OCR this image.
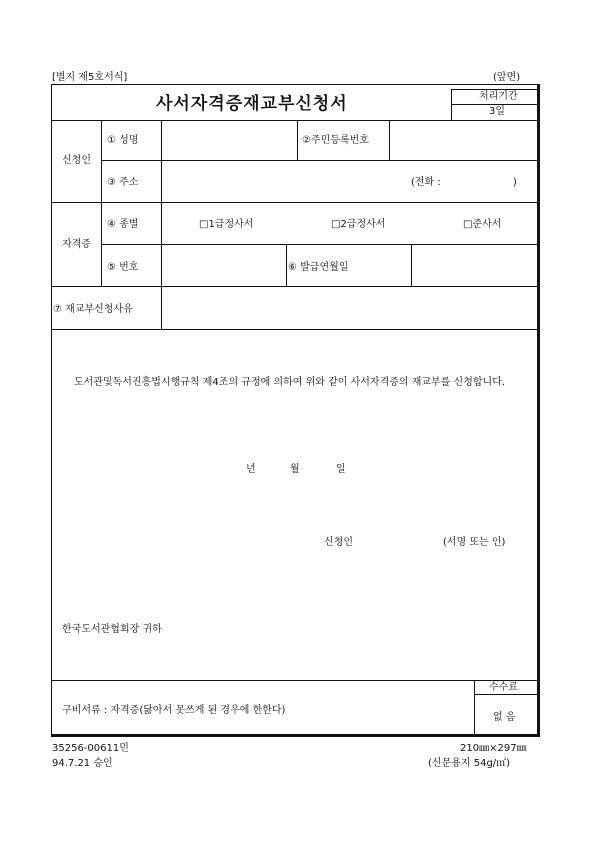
[별지 제5호서식]	(앞면)
사서자격증재교부신청서	처리기간
3일
신청인
① 성명	②주민등록번호
③ 주소	(전화 :	)
자격증
④ 종별	□1급정사서	□2급정사서	□준사서
⑤ 번호	⑥ 발급연월일
⑦ 재교부신청사유
도서관및독서진흥법시행규칙 제4조의 규정에 의하여 위와 같이 사서자격증의 재교부를 신청합니다.
년	월	일
신청인	(서명 또는 인)
한국도서관협회장 귀하
구비서류 : 자격증(닳아서 못쓰게 된 경우에 한한다)
수수료
없 음
35256-00611민
94.7.21 승인
210㎜×297㎜
(신문용지 54g/㎡)
